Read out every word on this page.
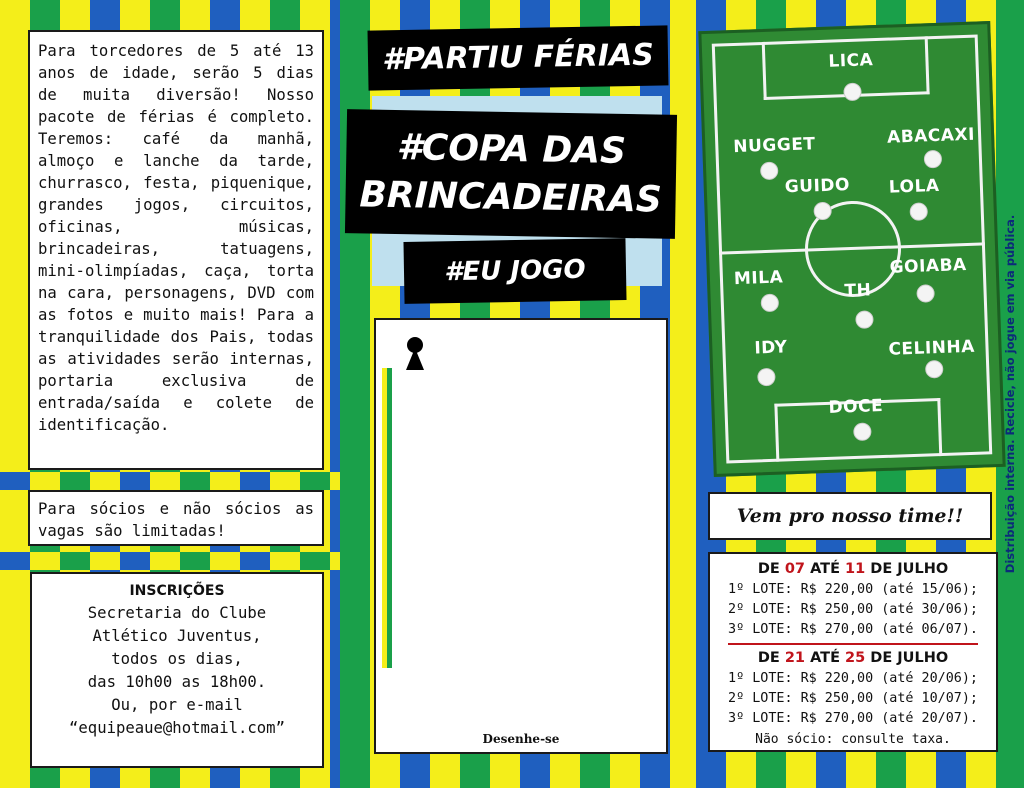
Para torcedores de 5 até 13 anos de idade, serão 5 dias de muita diversão! Nosso pacote de férias é completo. Teremos: café da manhã, almoço e lanche da tarde, churrasco, festa, piquenique, grandes jogos, circuitos, oficinas, músicas, brincadeiras, tatuagens, mini-olimpíadas, caça, torta na cara, personagens, DVD com as fotos e muito mais! Para a tranquilidade dos Pais, todas as atividades serão internas, portaria exclusiva de entrada/saída e colete de identificação.

Para sócios e não sócios as vagas são limitadas!

INSCRIÇÕES
Secretaria do Clube
Atlético Juventus,
todos os dias,
das 10h00 as 18h00.
Ou, por e-mail
“equipeaue@hotmail.com”
#PARTIU FÉRIAS
#COPA DAS
BRINCADEIRAS
#EU JOGO
Desenhe-se
LICA
NUGGET	ABACAXI
GUIDO LOLA
MILA
TH
GOIABA
IDY	CELINHA
DOCE
Vem pro nosso time!!
DE 07 ATÉ 11 DE JULHO
1º LOTE: R$ 220,00 (até 15/06);
2º LOTE: R$ 250,00 (até 30/06);
3º LOTE: R$ 270,00 (até 06/07).
DE 21 ATÉ 25 DE JULHO
1º LOTE: R$ 220,00 (até 20/06);
2º LOTE: R$ 250,00 (até 10/07);
3º LOTE: R$ 270,00 (até 20/07).
Não sócio: consulte taxa.
Distribuição interna. Recicle, não jogue em via pública.
